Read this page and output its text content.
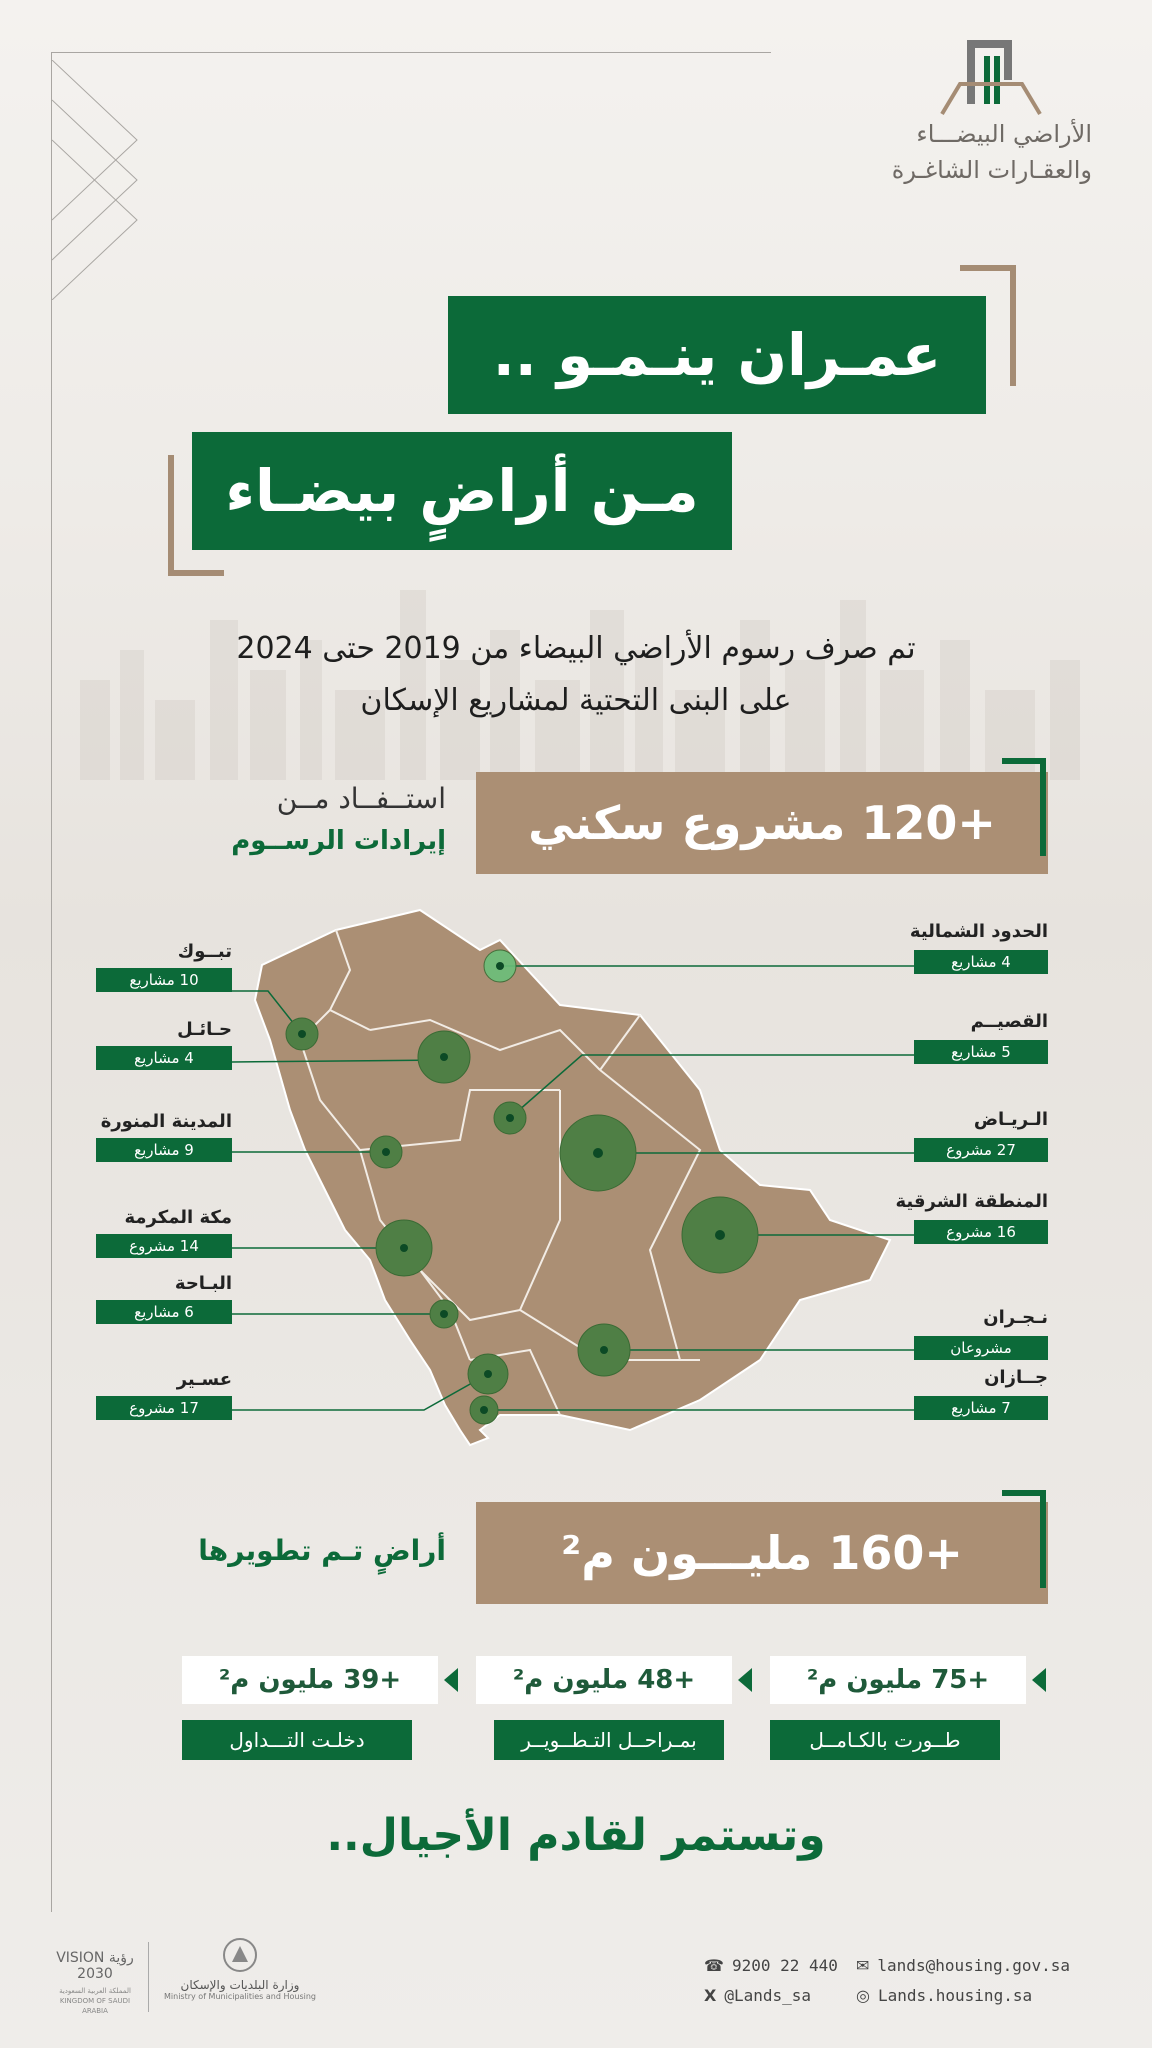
الأراضي البيضـــاء
والعقـارات الشاغـرة
عمـران ينـمـو ..
مـن أراضٍ بيضـاء
تم صرف رسوم الأراضي البيضاء من 2019 حتى 2024
على البنى التحتية لمشاريع الإسكان
+120 مشروع سكني
استــفــاد مــن
إيرادات الرســوم
تبــوك
10 مشاريع
حـائـل
4 مشاريع
المدينة المنورة
9 مشاريع
مكة المكرمة
14 مشروع
البـاحة
6 مشاريع
عسـير
17 مشروع
الحدود الشمالية
4 مشاريع
القصيــم
5 مشاريع
الـريـاض
27 مشروع
المنطقة الشرقية
16 مشروع
نـجـران
مشروعان
جــازان
7 مشاريع
+160 مليـــون م²
أراضٍ تـم تطويرها
+75 مليون م²
طــورت بالكـامــل
+48 مليون م²
بمـراحــل التـطــويــر
+39 مليون م²
دخلـت التـــداول
وتستمر لقادم الأجيال..
VISION رؤية 2030
المملكة العربية السعودية KINGDOM OF SAUDI ARABIA
وزارة البلديات والإسكان
Ministry of Municipalities and Housing
☎ 9200 22 440 ✉ lands@housing.gov.sa
X @Lands_sa	◎ Lands.housing.sa
